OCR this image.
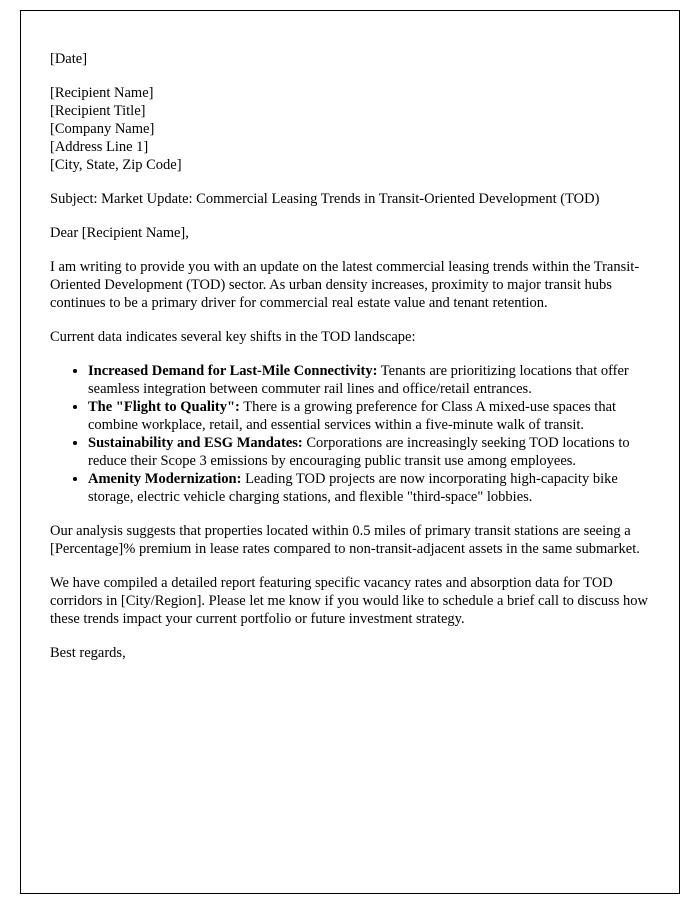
[Date]

[Recipient Name]
[Recipient Title]
[Company Name]
[Address Line 1]
[City, State, Zip Code]

Subject: Market Update: Commercial Leasing Trends in Transit-Oriented Development (TOD)

Dear [Recipient Name],

I am writing to provide you with an update on the latest commercial leasing trends within the Transit-Oriented Development (TOD) sector. As urban density increases, proximity to major transit hubs continues to be a primary driver for commercial real estate value and tenant retention.

Current data indicates several key shifts in the TOD landscape:

• Increased Demand for Last-Mile Connectivity: Tenants are prioritizing locations that offer seamless integration between commuter rail lines and office/retail entrances.
• The "Flight to Quality": There is a growing preference for Class A mixed-use spaces that combine workplace, retail, and essential services within a five-minute walk of transit.
• Sustainability and ESG Mandates: Corporations are increasingly seeking TOD locations to reduce their Scope 3 emissions by encouraging public transit use among employees.
• Amenity Modernization: Leading TOD projects are now incorporating high-capacity bike storage, electric vehicle charging stations, and flexible "third-space" lobbies.

Our analysis suggests that properties located within 0.5 miles of primary transit stations are seeing a [Percentage]% premium in lease rates compared to non-transit-adjacent assets in the same submarket.

We have compiled a detailed report featuring specific vacancy rates and absorption data for TOD corridors in [City/Region]. Please let me know if you would like to schedule a brief call to discuss how these trends impact your current portfolio or future investment strategy.

Best regards,
